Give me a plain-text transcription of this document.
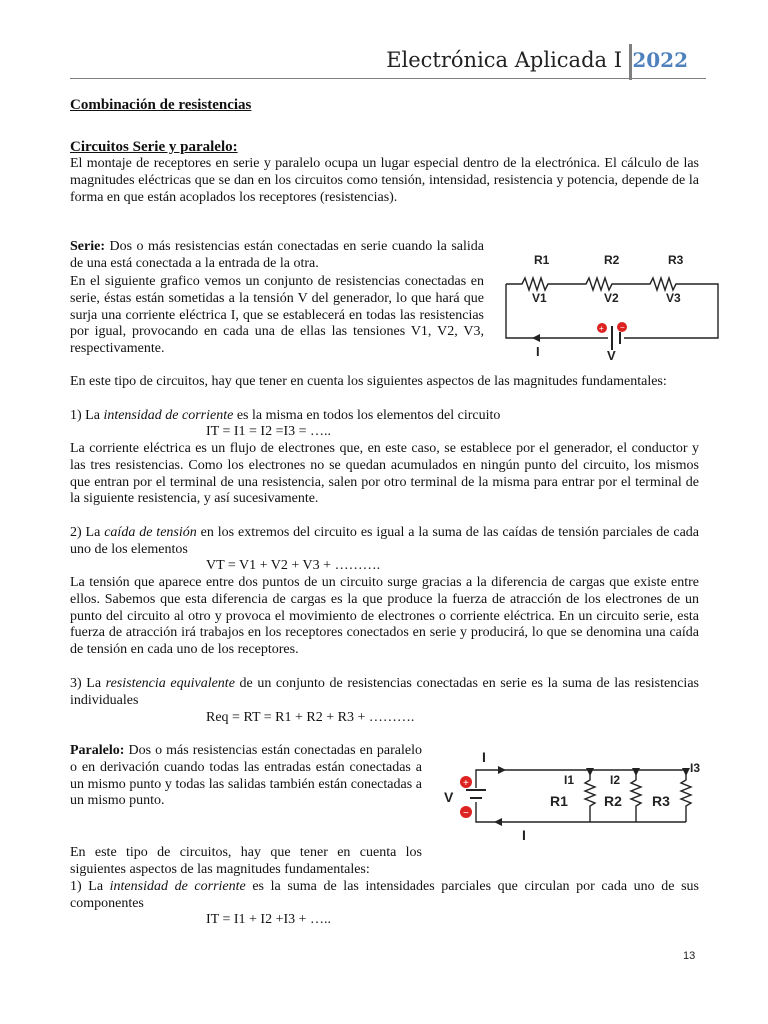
Electrónica Aplicada I 2022

Combinación de resistencias

Circuitos Serie y paralelo:

El montaje de receptores en serie y paralelo ocupa un lugar especial dentro de la electrónica. El cálculo de las magnitudes eléctricas que se dan en los circuitos como tensión, intensidad, resistencia y potencia, depende de la forma en que están acoplados los receptores (resistencias).

Serie: Dos o más resistencias están conectadas en serie cuando la salida de una está conectada a la entrada de la otra.

En el siguiente grafico vemos un conjunto de resistencias conectadas en serie, éstas están sometidas a la tensión V del generador, lo que hará que surja una corriente eléctrica I, que se establecerá en todas las resistencias por igual, provocando en cada una de ellas las tensiones V1, V2, V3, respectivamente.

+ −
R1	R2	R3
V1	V2	V3
I	V

En este tipo de circuitos, hay que tener en cuenta los siguientes aspectos de las magnitudes fundamentales:

1) La intensidad de corriente es la misma en todos los elementos del circuito

IT = I1 = I2 =I3 = …..

La corriente eléctrica es un flujo de electrones que, en este caso, se establece por el generador, el conductor y las tres resistencias. Como los electrones no se quedan acumulados en ningún punto del circuito, los mismos que entran por el terminal de una resistencia, salen por otro terminal de la misma para entrar por el terminal de la siguiente resistencia, y así sucesivamente.

2) La caída de tensión en los extremos del circuito es igual a la suma de las caídas de tensión parciales de cada uno de los elementos

VT = V1 + V2 + V3 + ……….

La tensión que aparece entre dos puntos de un circuito surge gracias a la diferencia de cargas que existe entre ellos. Sabemos que esta diferencia de cargas es la que produce la fuerza de atracción de los electrones de un punto del circuito al otro y provoca el movimiento de electrones o corriente eléctrica. En un circuito serie, esta fuerza de atracción irá trabajos en los receptores conectados en serie y producirá, lo que se denomina una caída de tensión en cada uno de los receptores.

3) La resistencia equivalente de un conjunto de resistencias conectadas en serie es la suma de las resistencias individuales

Req = RT = R1 + R2 + R3 + ……….

Paralelo: Dos o más resistencias están conectadas en paralelo o en derivación cuando todas las entradas están conectadas a un mismo punto y todas las salidas también están conectadas a un mismo punto.

+
−
I
I
V
I1	I2
I3
R1	R2 R3

En este tipo de circuitos, hay que tener en cuenta los siguientes aspectos de las magnitudes fundamentales:

1) La intensidad de corriente es la suma de las intensidades parciales que circulan por cada uno de sus componentes

IT = I1 + I2 +I3 + …..

13
